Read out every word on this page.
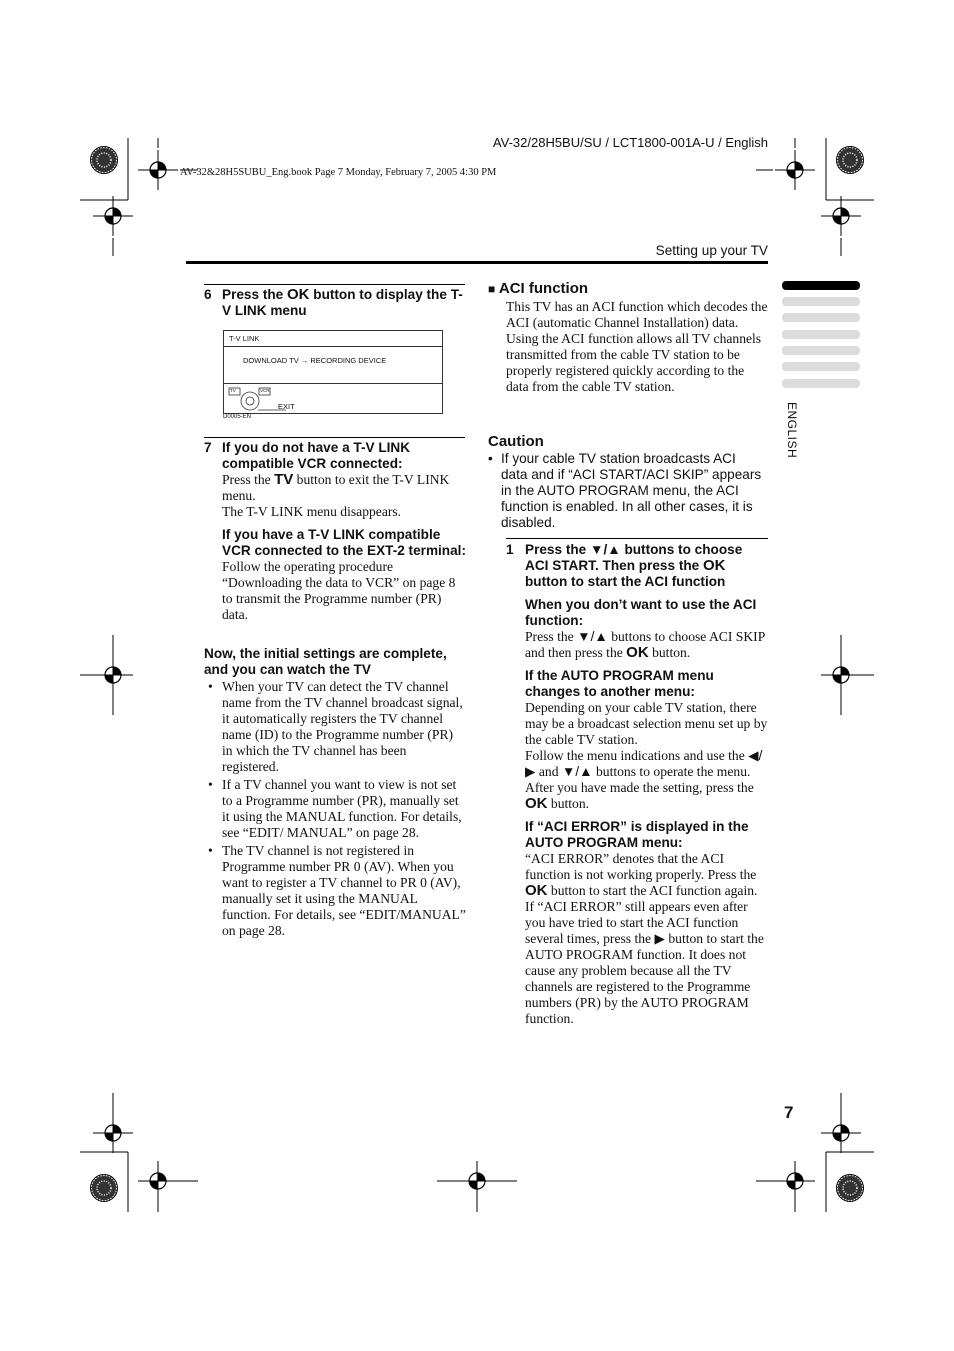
AV-32/28H5BU/SU / LCT1800-001A-U / English
AV-32&28H5SUBU_Eng.book Page 7 Monday, February 7, 2005 4:30 PM
Setting up your TV
ENGLISH
6 Press the OK button to display the T-V LINK menu

T-V LINK
DOWNLOAD TV → RECORDING DEVICE
TV	VCR
EXIT
D0005-EN
7 If you do not have a T-V LINK compatible VCR connected:

Press the TV button to exit the T-V LINK menu.

The T-V LINK menu disappears.

If you have a T-V LINK compatible VCR connected to the EXT-2 terminal:

Follow the operating procedure “Downloading the data to VCR” on page 8 to transmit the Programme number (PR) data.

Now, the initial settings are complete, and you can watch the TV

• When your TV can detect the TV channel name from the TV channel broadcast signal, it automatically registers the TV channel name (ID) to the Programme number (PR) in which the TV channel has been registered.

• If a TV channel you want to view is not set to a Programme number (PR), manually set it using the MANUAL function. For details, see “EDIT/ MANUAL” on page 28.

• The TV channel is not registered in Programme number PR 0 (AV). When you want to register a TV channel to PR 0 (AV), manually set it using the MANUAL function. For details, see “EDIT/MANUAL” on page 28.

■ ACI function

This TV has an ACI function which decodes the ACI (automatic Channel Installation) data.

Using the ACI function allows all TV channels transmitted from the cable TV station to be properly registered quickly according to the data from the cable TV station.

Caution

• If your cable TV station broadcasts ACI data and if “ACI START/ACI SKIP” appears in the AUTO PROGRAM menu, the ACI function is enabled. In all other cases, it is disabled.

1 Press the ▼/▲ buttons to choose ACI START. Then press the OK button to start the ACI function

When you don’t want to use the ACI function:

Press the ▼/▲ buttons to choose ACI SKIP and then press the OK button.

If the AUTO PROGRAM menu changes to another menu:

Depending on your cable TV station, there may be a broadcast selection menu set up by the cable TV station.

Follow the menu indications and use the ◀/▶ and ▼/▲ buttons to operate the menu. After you have made the setting, press the OK button.

If “ACI ERROR” is displayed in the AUTO PROGRAM menu:

“ACI ERROR” denotes that the ACI function is not working properly. Press the OK button to start the ACI function again.

If “ACI ERROR” still appears even after you have tried to start the ACI function several times, press the ▶ button to start the AUTO PROGRAM function. It does not cause any problem because all the TV channels are registered to the Programme numbers (PR) by the AUTO PROGRAM function.

7
